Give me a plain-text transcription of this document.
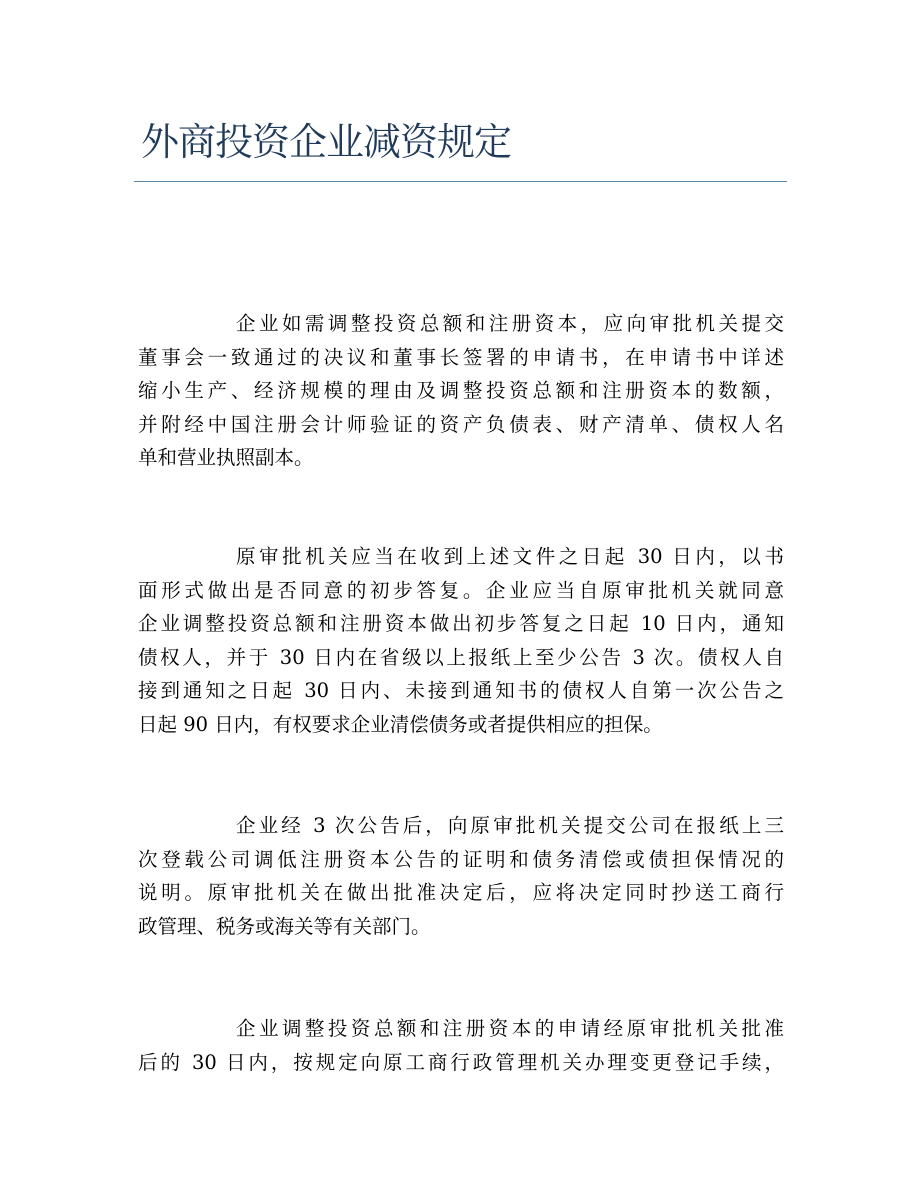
外商投资企业减资规定
企业如需调整投资总额和注册资本，应向审批机关提交
董事会一致通过的决议和董事长签署的申请书，在申请书中详述
缩小生产、经济规模的理由及调整投资总额和注册资本的数额，
并附经中国注册会计师验证的资产负债表、财产清单、债权人名
单和营业执照副本。
原审批机关应当在收到上述文件之日起 30 日内，以书
面形式做出是否同意的初步答复。企业应当自原审批机关就同意
企业调整投资总额和注册资本做出初步答复之日起 10 日内，通知
债权人，并于 30 日内在省级以上报纸上至少公告 3 次。债权人自
接到通知之日起 30 日内、未接到通知书的债权人自第一次公告之
日起 90 日内，有权要求企业清偿债务或者提供相应的担保。
企业经 3 次公告后，向原审批机关提交公司在报纸上三
次登载公司调低注册资本公告的证明和债务清偿或债担保情况的
说明。原审批机关在做出批准决定后，应将决定同时抄送工商行
政管理、税务或海关等有关部门。
企业调整投资总额和注册资本的申请经原审批机关批准
后的 30 日内，按规定向原工商行政管理机关办理变更登记手续，
